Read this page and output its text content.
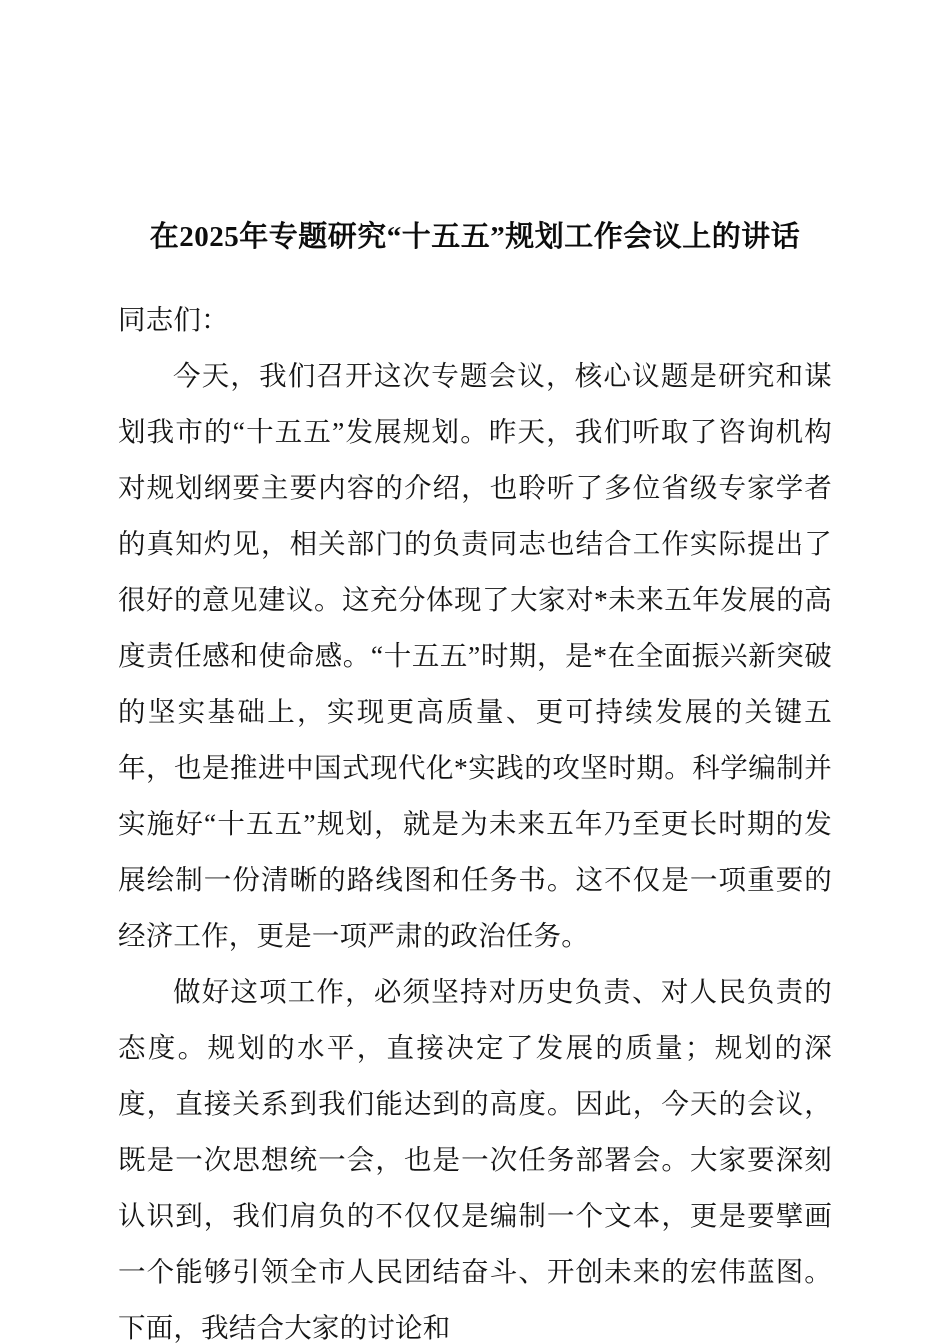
在2025年专题研究“十五五”规划工作会议上的讲话

同志们：

今天，我们召开这次专题会议，核心议题是研究和谋划我市的“十五五”发展规划。昨天，我们听取了咨询机构对规划纲要主要内容的介绍，也聆听了多位省级专家学者的真知灼见，相关部门的负责同志也结合工作实际提出了很好的意见建议。这充分体现了大家对*未来五年发展的高度责任感和使命感。“十五五”时期，是*在全面振兴新突破的坚实基础上，实现更高质量、更可持续发展的关键五年，也是推进中国式现代化*实践的攻坚时期。科学编制并实施好“十五五”规划，就是为未来五年乃至更长时期的发展绘制一份清晰的路线图和任务书。这不仅是一项重要的经济工作，更是一项严肃的政治任务。

做好这项工作，必须坚持对历史负责、对人民负责的态度。规划的水平，直接决定了发展的质量；规划的深度，直接关系到我们能达到的高度。因此，今天的会议，既是一次思想统一会，也是一次任务部署会。大家要深刻认识到，我们肩负的不仅仅是编制一个文本，更是要擘画一个能够引领全市人民团结奋斗、开创未来的宏伟蓝图。下面，我结合大家的讨论和
